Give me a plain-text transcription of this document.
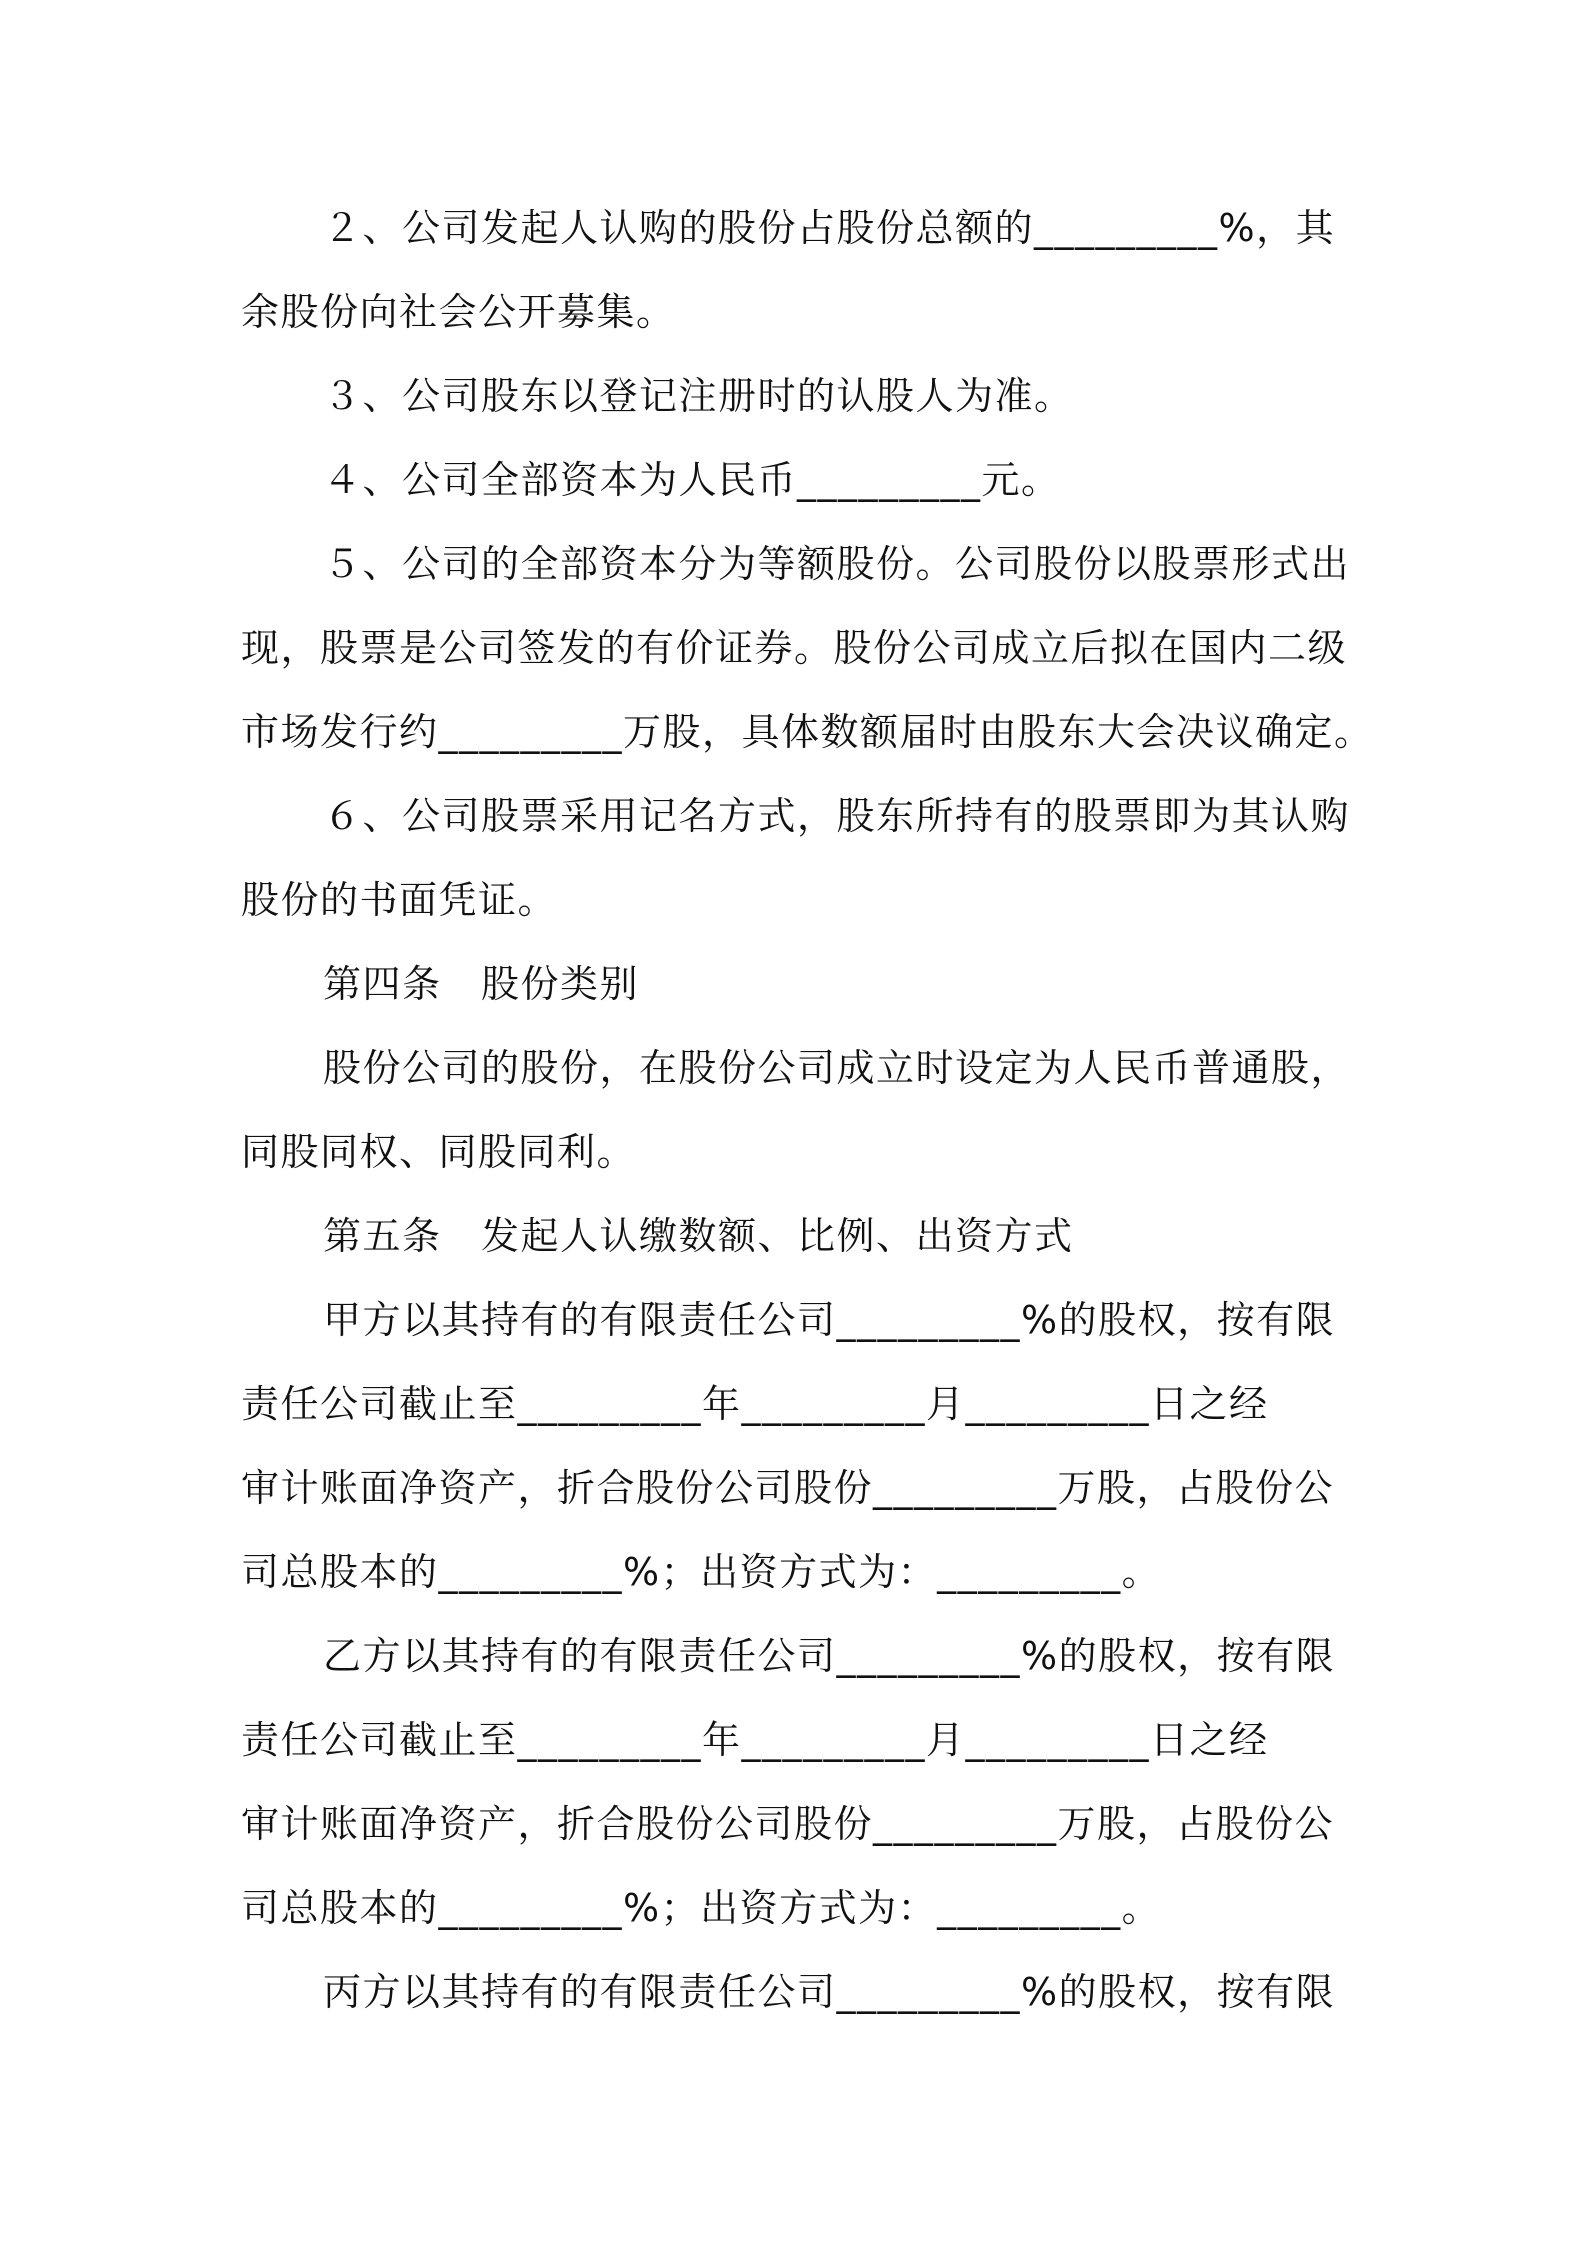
２、公司发起人认购的股份占股份总额的_________%，其
余股份向社会公开募集。
３、公司股东以登记注册时的认股人为准。
４、公司全部资本为人民币_________元。
５、公司的全部资本分为等额股份。公司股份以股票形式出
现，股票是公司签发的有价证券。股份公司成立后拟在国内二级
市场发行约_________万股，具体数额届时由股东大会决议确定。
６、公司股票采用记名方式，股东所持有的股票即为其认购
股份的书面凭证。
第四条　股份类别
股份公司的股份，在股份公司成立时设定为人民币普通股，
同股同权、同股同利。
第五条　发起人认缴数额、比例、出资方式
甲方以其持有的有限责任公司_________%的股权，按有限
责任公司截止至_________年_________月_________日之经
审计账面净资产，折合股份公司股份_________万股，占股份公
司总股本的_________%；出资方式为：_________。
乙方以其持有的有限责任公司_________%的股权，按有限
责任公司截止至_________年_________月_________日之经
审计账面净资产，折合股份公司股份_________万股，占股份公
司总股本的_________%；出资方式为：_________。
丙方以其持有的有限责任公司_________%的股权，按有限
